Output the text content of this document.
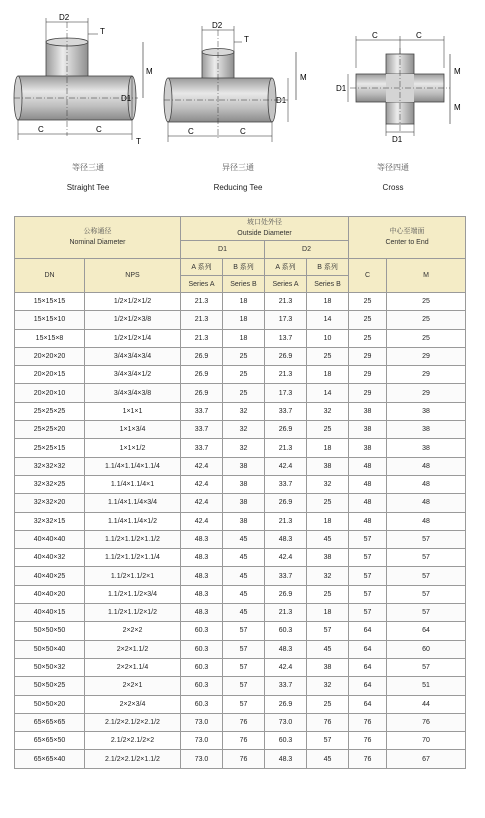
D2
T
M
D1
C	C
T
D2
T
M
D1
C	C
C	C
M
D1
M
D1
等径三通
Straight Tee
异径三通
Reducing Tee
等径四通
Cross
公称通径
Nominal Diameter		坡口处外径
Outside Diameter				中心至端面
Center to End	

		D1		D2			
DN	NPS	A 系列	B 系列	A 系列	B 系列	C	M
		Series A	Series B	Series A	Series B		
15×15×15	1/2×1/2×1/2	21.3	18	21.3	18	25	25
15×15×10	1/2×1/2×3/8	21.3	18	17.3	14	25	25
15×15×8	1/2×1/2×1/4	21.3	18	13.7	10	25	25
20×20×20	3/4×3/4×3/4	26.9	25	26.9	25	29	29
20×20×15	3/4×3/4×1/2	26.9	25	21.3	18	29	29
20×20×10	3/4×3/4×3/8	26.9	25	17.3	14	29	29
25×25×25	1×1×1	33.7	32	33.7	32	38	38
25×25×20	1×1×3/4	33.7	32	26.9	25	38	38
25×25×15	1×1×1/2	33.7	32	21.3	18	38	38
32×32×32	1.1/4×1.1/4×1.1/4	42.4	38	42.4	38	48	48
32×32×25	1.1/4×1.1/4×1	42.4	38	33.7	32	48	48
32×32×20	1.1/4×1.1/4×3/4	42.4	38	26.9	25	48	48
32×32×15	1.1/4×1.1/4×1/2	42.4	38	21.3	18	48	48
40×40×40	1.1/2×1.1/2×1.1/2	48.3	45	48.3	45	57	57
40×40×32	1.1/2×1.1/2×1.1/4	48.3	45	42.4	38	57	57
40×40×25	1.1/2×1.1/2×1	48.3	45	33.7	32	57	57
40×40×20	1.1/2×1.1/2×3/4	48.3	45	26.9	25	57	57
40×40×15	1.1/2×1.1/2×1/2	48.3	45	21.3	18	57	57
50×50×50	2×2×2	60.3	57	60.3	57	64	64
50×50×40	2×2×1.1/2	60.3	57	48.3	45	64	60
50×50×32	2×2×1.1/4	60.3	57	42.4	38	64	57
50×50×25	2×2×1	60.3	57	33.7	32	64	51
50×50×20	2×2×3/4	60.3	57	26.9	25	64	44
65×65×65	2.1/2×2.1/2×2.1/2	73.0	76	73.0	76	76	76
65×65×50	2.1/2×2.1/2×2	73.0	76	60.3	57	76	70
65×65×40	2.1/2×2.1/2×1.1/2	73.0	76	48.3	45	76	67
